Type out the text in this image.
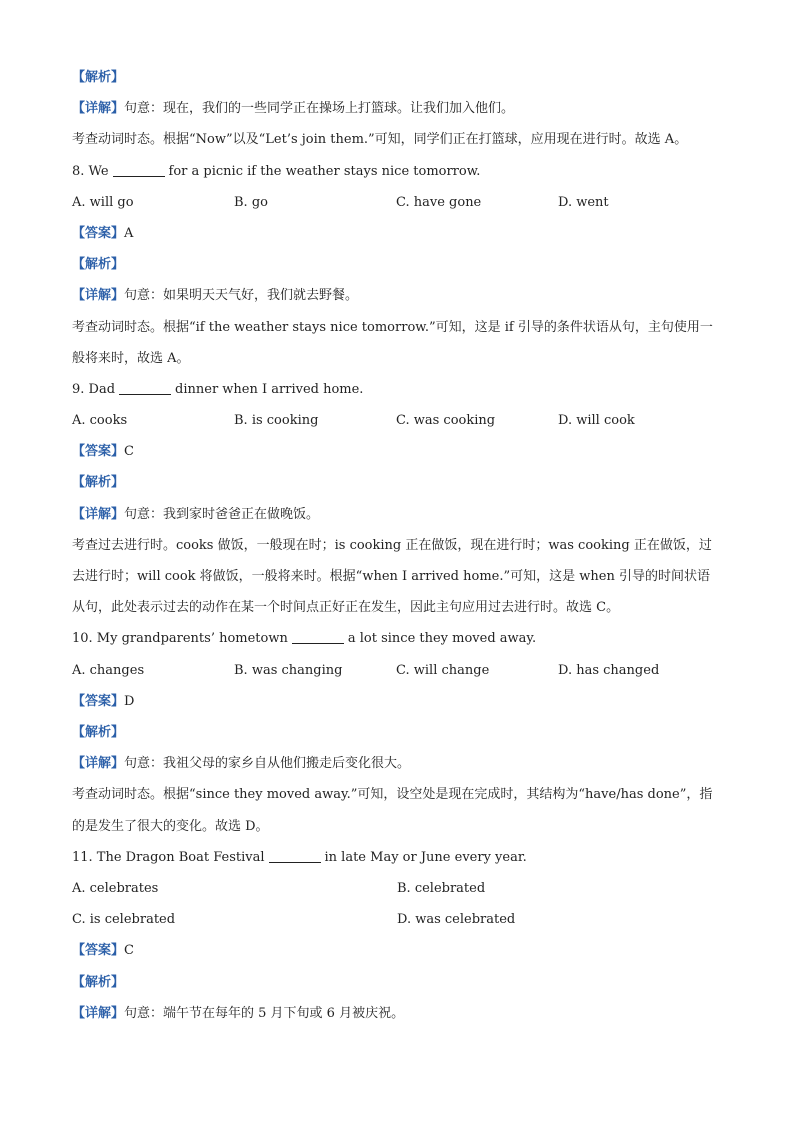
【解析】
【详解】句意：现在，我们的一些同学正在操场上打篮球。让我们加入他们。
考查动词时态。根据“Now”以及“Let’s join them.”可知，同学们正在打篮球，应用现在进行时。故选 A。
8. We	for a picnic if the weather stays nice tomorrow.
A. will go	B. go	C. have gone	D. went
【答案】A
【解析】
【详解】句意：如果明天天气好，我们就去野餐。
考查动词时态。根据“if the weather stays nice tomorrow.”可知，这是 if 引导的条件状语从句，主句使用一般将来时，故选 A。
9. Dad	dinner when I arrived home.
A. cooks	B. is cooking	C. was cooking	D. will cook
【答案】C
【解析】
【详解】句意：我到家时爸爸正在做晚饭。
考查过去进行时。cooks 做饭，一般现在时；is cooking 正在做饭，现在进行时；was cooking 正在做饭，过去进行时；will cook 将做饭，一般将来时。根据“when I arrived home.”可知，这是 when 引导的时间状语从句，此处表示过去的动作在某一个时间点正好正在发生，因此主句应用过去进行时。故选 C。
10. My grandparents’ hometown	a lot since they moved away.
A. changes	B. was changing	C. will change	D. has changed
【答案】D
【解析】
【详解】句意：我祖父母的家乡自从他们搬走后变化很大。
考查动词时态。根据“since they moved away.”可知，设空处是现在完成时，其结构为“have/has done”，指的是发生了很大的变化。故选 D。
11. The Dragon Boat Festival	in late May or June every year.
A. celebrates	B. celebrated
C. is celebrated	D. was celebrated
【答案】C
【解析】
【详解】句意：端午节在每年的 5 月下旬或 6 月被庆祝。
